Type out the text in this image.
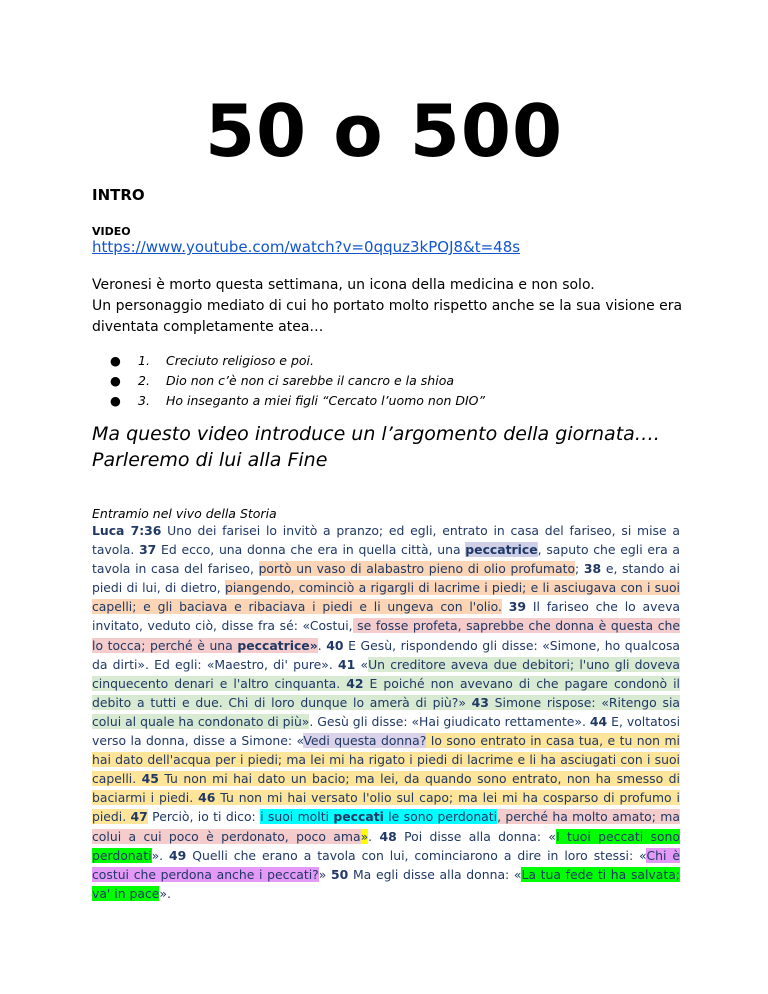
50 o 500
INTRO
VIDEO
https://www.youtube.com/watch?v=0qquz3kPOJ8&t=48s
Veronesi è morto questa settimana, un icona della medicina e non solo.
Un personaggio mediato di cui ho portato molto rispetto anche se la sua visione era diventata completamente atea…
● 1. Creciuto religioso e poi.
● 2. Dio non c’è non ci sarebbe il cancro e la shioa
● 3. Ho inseganto a miei figli “Cercato l’uomo non DIO”
Ma questo video introduce un l’argomento della giornata….
Parleremo di lui alla Fine
Entramio nel vivo della Storia
Luca 7:36 Uno dei farisei lo invitò a pranzo; ed egli, entrato in casa del fariseo, si mise a tavola. 37 Ed ecco, una donna che era in quella città, una peccatrice, saputo che egli era a tavola in casa del fariseo, portò un vaso di alabastro pieno di olio profumato; 38 e, stando ai piedi di lui, di dietro, piangendo, cominciò a rigargli di lacrime i piedi; e li asciugava con i suoi capelli; e gli baciava e ribaciava i piedi e li ungeva con l'olio. 39 Il fariseo che lo aveva invitato, veduto ciò, disse fra sé: «Costui, se fosse profeta, saprebbe che donna è questa che lo tocca; perché è una peccatrice». 40 E Gesù, rispondendo gli disse: «Simone, ho qualcosa da dirti». Ed egli: «Maestro, di' pure». 41 «Un creditore aveva due debitori; l'uno gli doveva cinquecento denari e l'altro cinquanta. 42 E poiché non avevano di che pagare condonò il debito a tutti e due. Chi di loro dunque lo amerà di più?» 43 Simone rispose: «Ritengo sia colui al quale ha condonato di più». Gesù gli disse: «Hai giudicato rettamente». 44 E, voltatosi verso la donna, disse a Simone: «Vedi questa donna? Io sono entrato in casa tua, e tu non mi hai dato dell'acqua per i piedi; ma lei mi ha rigato i piedi di lacrime e li ha asciugati con i suoi capelli. 45 Tu non mi hai dato un bacio; ma lei, da quando sono entrato, non ha smesso di baciarmi i piedi. 46 Tu non mi hai versato l'olio sul capo; ma lei mi ha cosparso di profumo i piedi. 47 Perciò, io ti dico: i suoi molti peccati le sono perdonati, perché ha molto amato; ma colui a cui poco è perdonato, poco ama». 48 Poi disse alla donna: «I tuoi peccati sono perdonati». 49 Quelli che erano a tavola con lui, cominciarono a dire in loro stessi: «Chi è costui che perdona anche i peccati?» 50 Ma egli disse alla donna: «La tua fede ti ha salvata; va' in pace».
